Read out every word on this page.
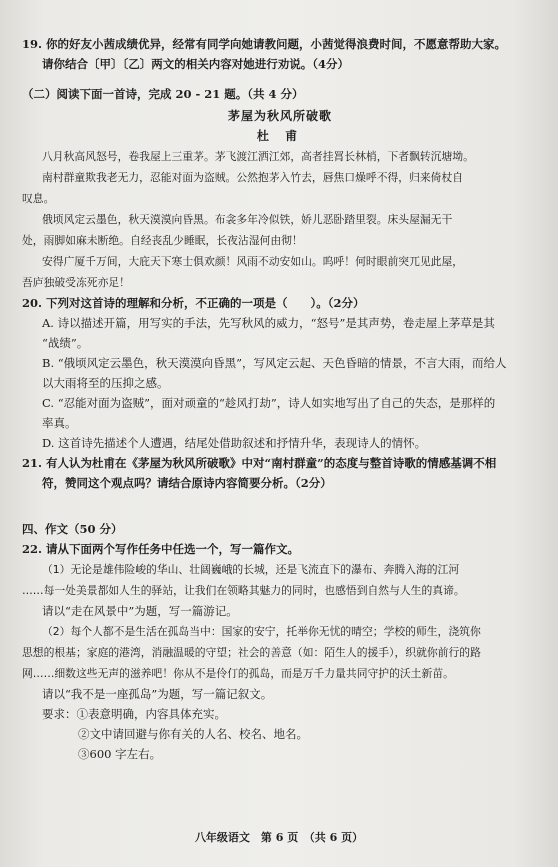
19. 你的好友小茜成绩优异，经常有同学向她请教问题，小茜觉得浪费时间，不愿意帮助大家。
请你结合〔甲〕〔乙〕两文的相关内容对她进行劝说。（4分）
（二）阅读下面一首诗，完成 20 - 21 题。（共 4 分）
茅屋为秋风所破歌
杜 甫
八月秋高风怒号，卷我屋上三重茅。茅飞渡江洒江郊，高者挂罥长林梢，下者飘转沉塘坳。
南村群童欺我老无力，忍能对面为盗贼。公然抱茅入竹去，唇焦口燥呼不得，归来倚杖自
叹息。
俄顷风定云墨色，秋天漠漠向昏黑。布衾多年冷似铁，娇儿恶卧踏里裂。床头屋漏无干
处，雨脚如麻未断绝。自经丧乱少睡眠，长夜沾湿何由彻！
安得广厦千万间，大庇天下寒士俱欢颜！风雨不动安如山。呜呼！何时眼前突兀见此屋，
吾庐独破受冻死亦足！
20. 下列对这首诗的理解和分析，不正确的一项是（　　）。（2分）
A. 诗以描述开篇，用写实的手法，先写秋风的威力，“怒号”是其声势，卷走屋上茅草是其
“战绩”。
B. “俄顷风定云墨色，秋天漠漠向昏黑”，写风定云起、天色昏暗的情景，不言大雨，而给人
以大雨将至的压抑之感。
C. “忍能对面为盗贼”，面对顽童的“趁风打劫”，诗人如实地写出了自己的失态，是那样的
率真。
D. 这首诗先描述个人遭遇，结尾处借助叙述和抒情升华，表现诗人的情怀。
21. 有人认为杜甫在《茅屋为秋风所破歌》中对“南村群童”的态度与整首诗歌的情感基调不相
符，赞同这个观点吗？请结合原诗内容简要分析。（2分）
四、作文（50 分）
22. 请从下面两个写作任务中任选一个，写一篇作文。
（1）无论是雄伟险峻的华山、壮阔巍峨的长城，还是飞流直下的瀑布、奔腾入海的江河
……每一处美景都如人生的驿站，让我们在领略其魅力的同时，也感悟到自然与人生的真谛。
请以“走在风景中”为题，写一篇游记。
（2）每个人都不是生活在孤岛当中：国家的安宁，托举你无忧的晴空；学校的师生，浇筑你
思想的根基；家庭的港湾，消融温暖的守望；社会的善意（如：陌生人的援手），织就你前行的路
网……细数这些无声的滋养吧！你从不是伶仃的孤岛，而是万千力量共同守护的沃土新苗。
请以“我不是一座孤岛”为题，写一篇记叙文。
要求：①表意明确，内容具体充实。
②文中请回避与你有关的人名、校名、地名。
③600 字左右。
八年级语文　第 6 页　（共 6 页）
